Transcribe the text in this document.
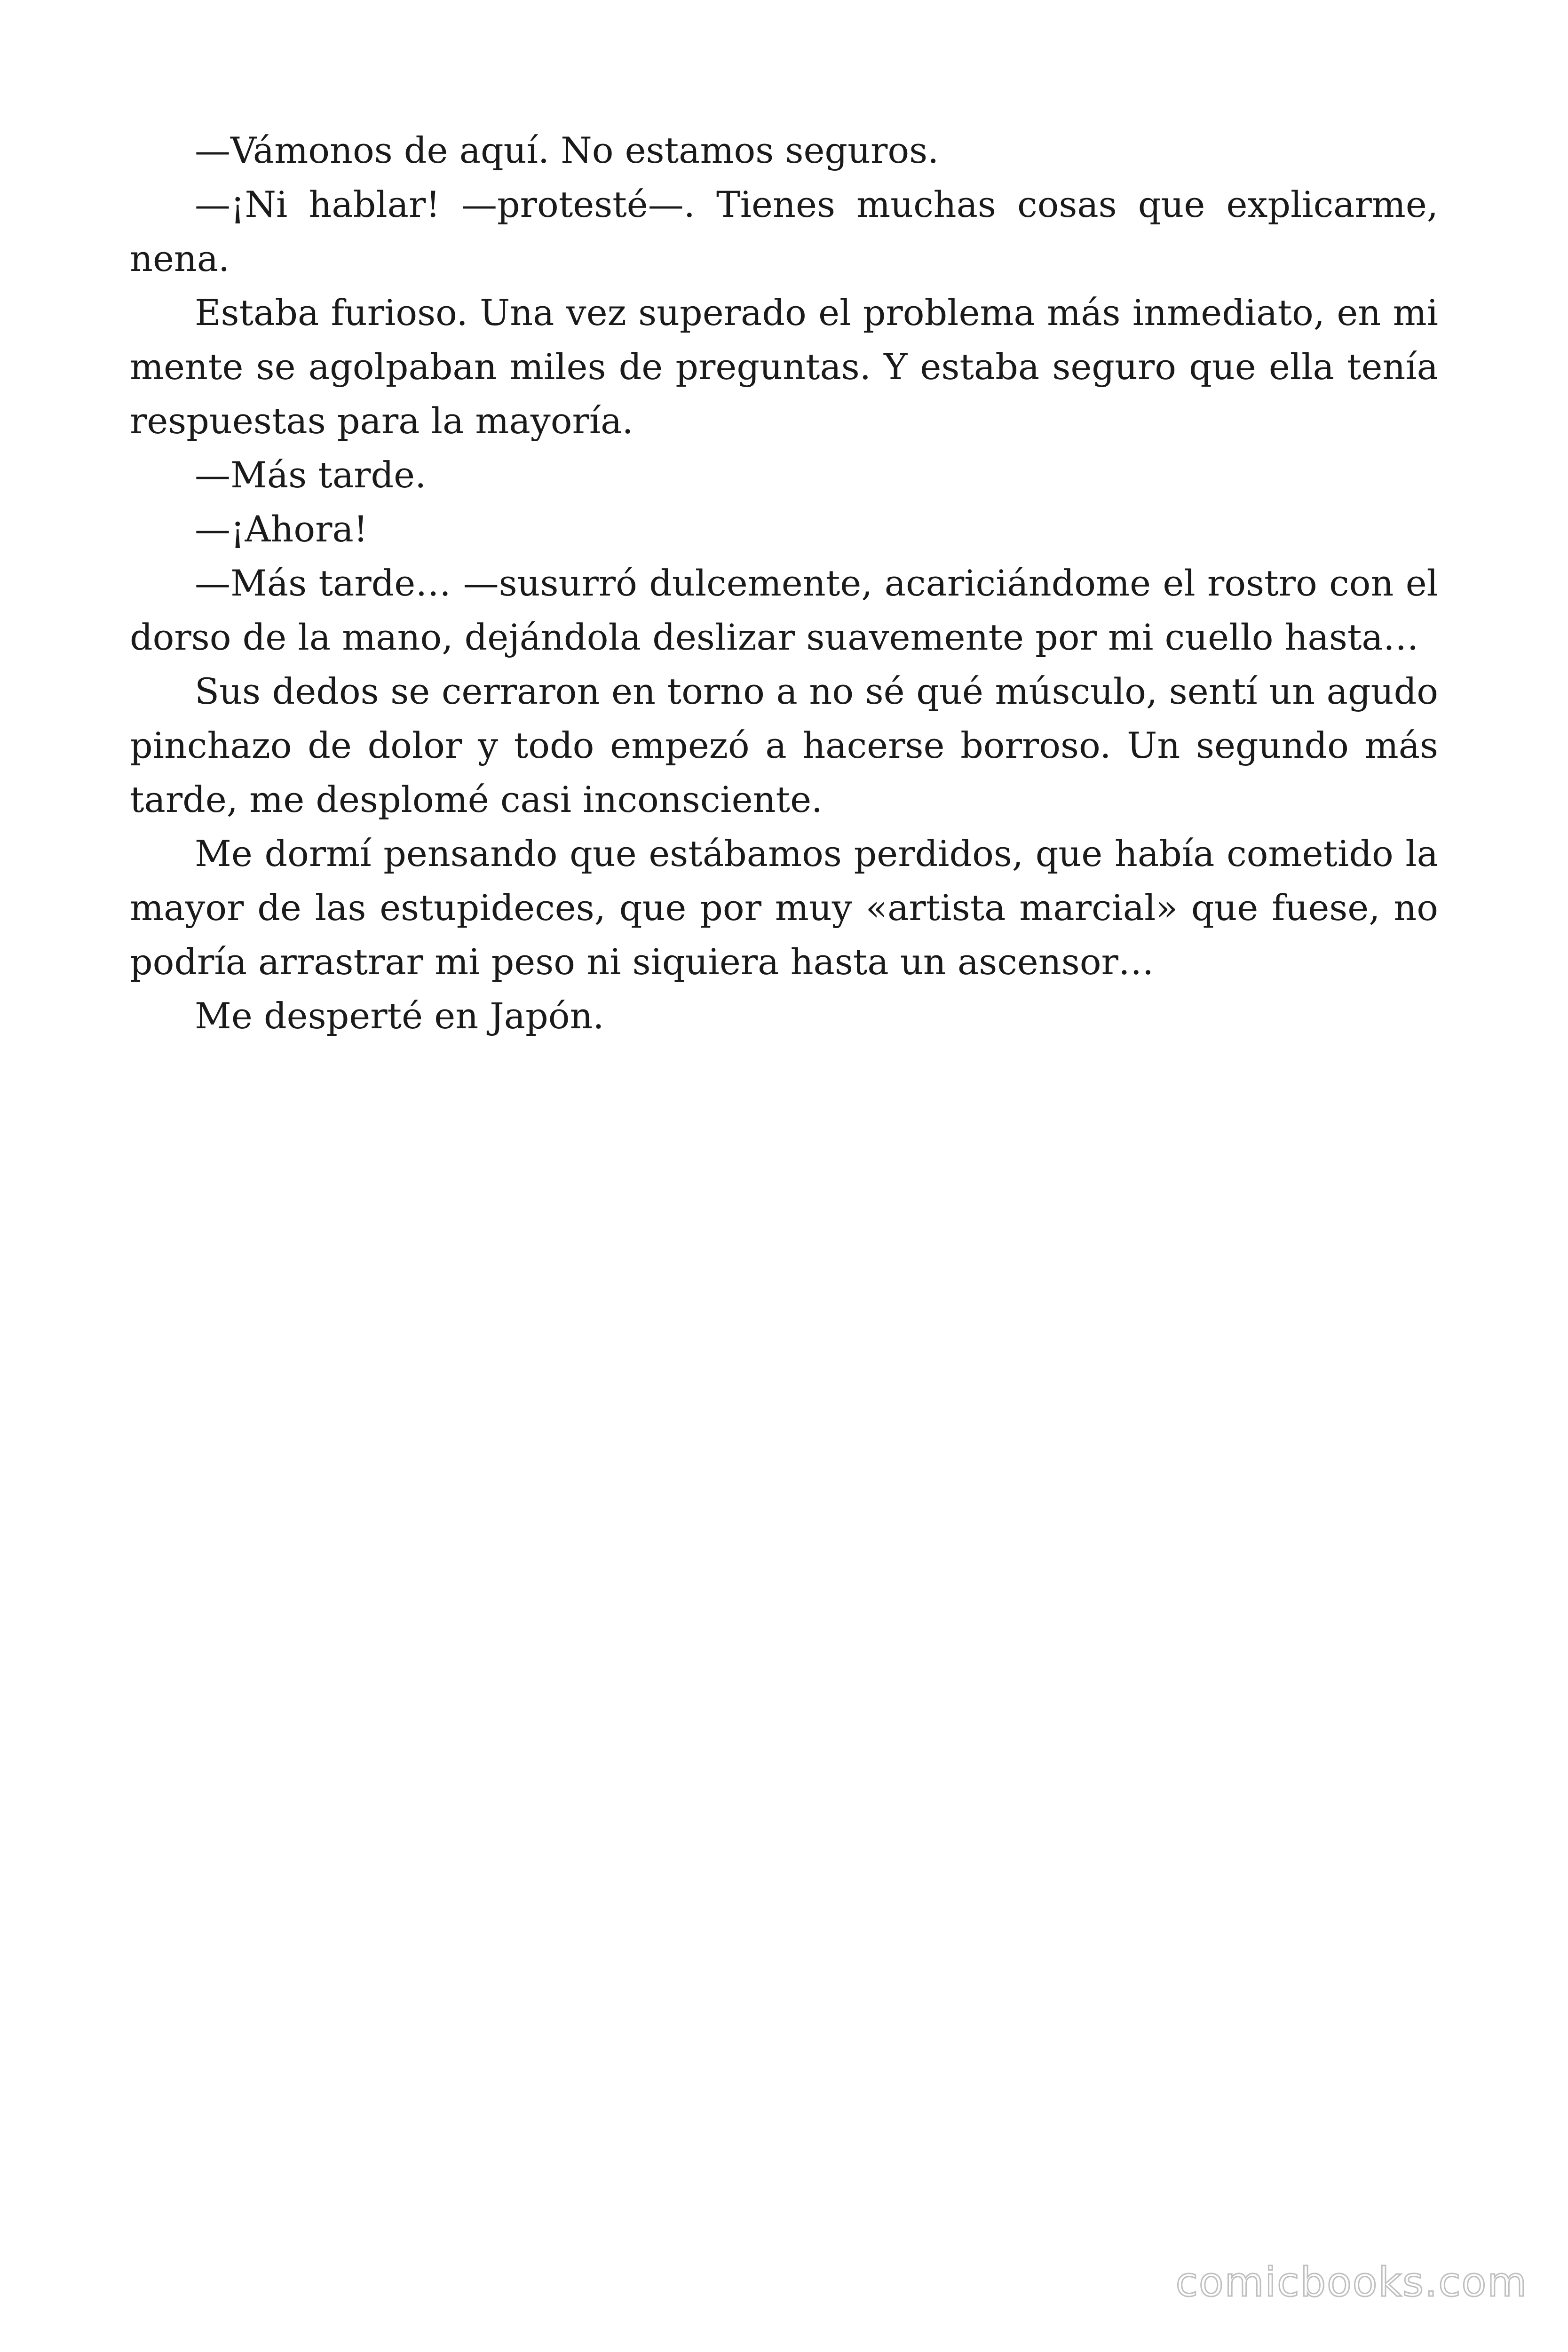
—Vámonos de aquí. No estamos seguros.

—¡Ni hablar! —protesté—. Tienes muchas cosas que explicarme, nena.

Estaba furioso. Una vez superado el problema más inmediato, en mi mente se agolpaban miles de preguntas. Y estaba seguro que ella tenía respuestas para la mayoría.

—Más tarde.

—¡Ahora!

—Más tarde… —susurró dulcemente, acariciándome el rostro con el dorso de la mano, dejándola deslizar suavemente por mi cuello hasta…

Sus dedos se cerraron en torno a no sé qué músculo, sentí un agudo pinchazo de dolor y todo empezó a hacerse borroso. Un segundo más tarde, me desplomé casi inconsciente.

Me dormí pensando que estábamos perdidos, que había cometido la mayor de las estupideces, que por muy «artista marcial» que fuese, no podría arrastrar mi peso ni siquiera hasta un ascensor…

Me desperté en Japón.

comicbooks.com
